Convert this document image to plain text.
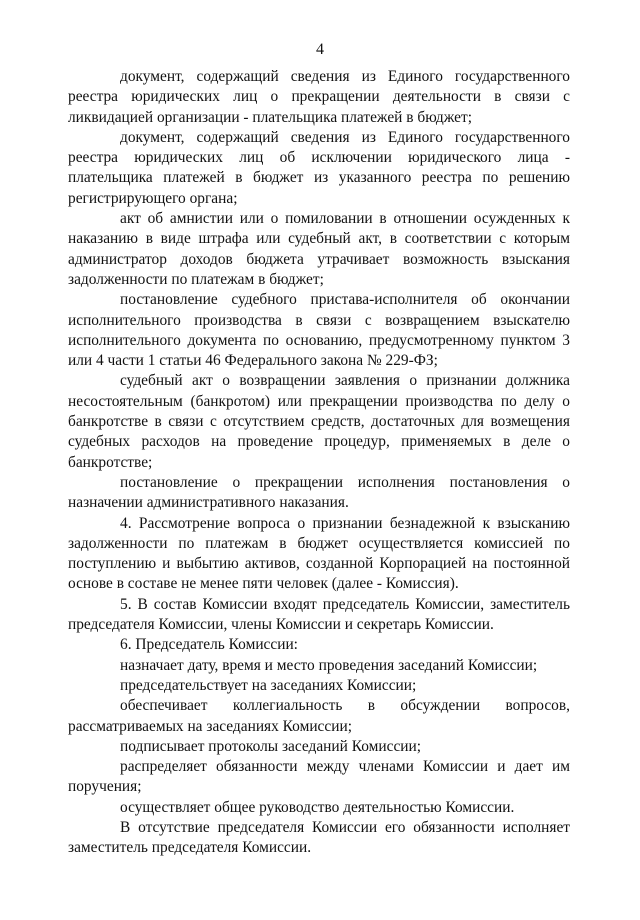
4

документ, содержащий сведения из Единого государственного реестра юридических лиц о прекращении деятельности в связи с ликвидацией организации - плательщика платежей в бюджет;

документ, содержащий сведения из Единого государственного реестра юридических лиц об исключении юридического лица - плательщика платежей в бюджет из указанного реестра по решению регистрирующего органа;

акт об амнистии или о помиловании в отношении осужденных к наказанию в виде штрафа или судебный акт, в соответствии с которым администратор доходов бюджета утрачивает возможность взыскания задолженности по платежам в бюджет;

постановление судебного пристава-исполнителя об окончании исполнительного производства в связи с возвращением взыскателю исполнительного документа по основанию, предусмотренному пунктом 3 или 4 части 1 статьи 46 Федерального закона № 229-ФЗ;

судебный акт о возвращении заявления о признании должника несостоятельным (банкротом) или прекращении производства по делу о банкротстве в связи с отсутствием средств, достаточных для возмещения судебных расходов на проведение процедур, применяемых в деле о банкротстве;

постановление о прекращении исполнения постановления о назначении административного наказания.

4. Рассмотрение вопроса о признании безнадежной к взысканию задолженности по платежам в бюджет осуществляется комиссией по поступлению и выбытию активов, созданной Корпорацией на постоянной основе в составе не менее пяти человек (далее - Комиссия).

5. В состав Комиссии входят председатель Комиссии, заместитель председателя Комиссии, члены Комиссии и секретарь Комиссии.

6. Председатель Комиссии:

назначает дату, время и место проведения заседаний Комиссии;

председательствует на заседаниях Комиссии;

обеспечивает коллегиальность в обсуждении вопросов, рассматриваемых на заседаниях Комиссии;

подписывает протоколы заседаний Комиссии;

распределяет обязанности между членами Комиссии и дает им поручения;

осуществляет общее руководство деятельностью Комиссии.

В отсутствие председателя Комиссии его обязанности исполняет заместитель председателя Комиссии.
